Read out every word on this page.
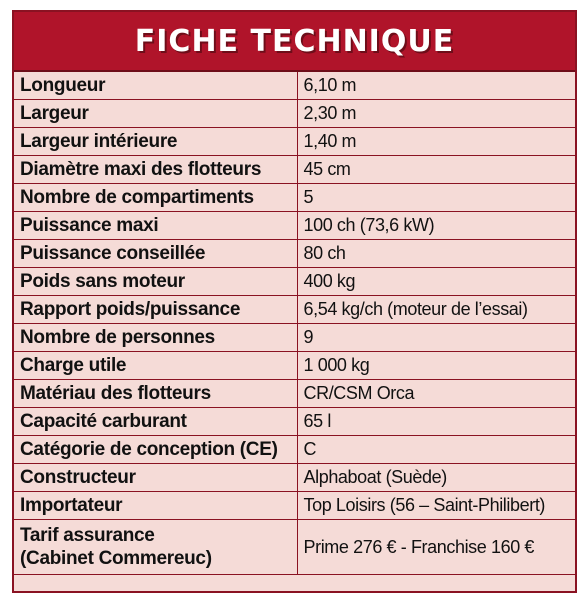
FICHE TECHNIQUE
Longueur	6,10 m
Largeur	2,30 m
Largeur intérieure	1,40 m
Diamètre maxi des flotteurs	45 cm
Nombre de compartiments	5
Puissance maxi	100 ch (73,6 kW)
Puissance conseillée	80 ch
Poids sans moteur	400 kg
Rapport poids/puissance	6,54 kg/ch (moteur de l’essai)
Nombre de personnes	9
Charge utile	1 000 kg
Matériau des flotteurs	CR/CSM Orca
Capacité carburant	65 l
Catégorie de conception (CE)	C
Constructeur	Alphaboat (Suède)
Importateur	Top Loisirs (56 – Saint-Philibert)

Tarif assurance
(Cabinet Commereuc)	Prime 276 € - Franchise 160 €
